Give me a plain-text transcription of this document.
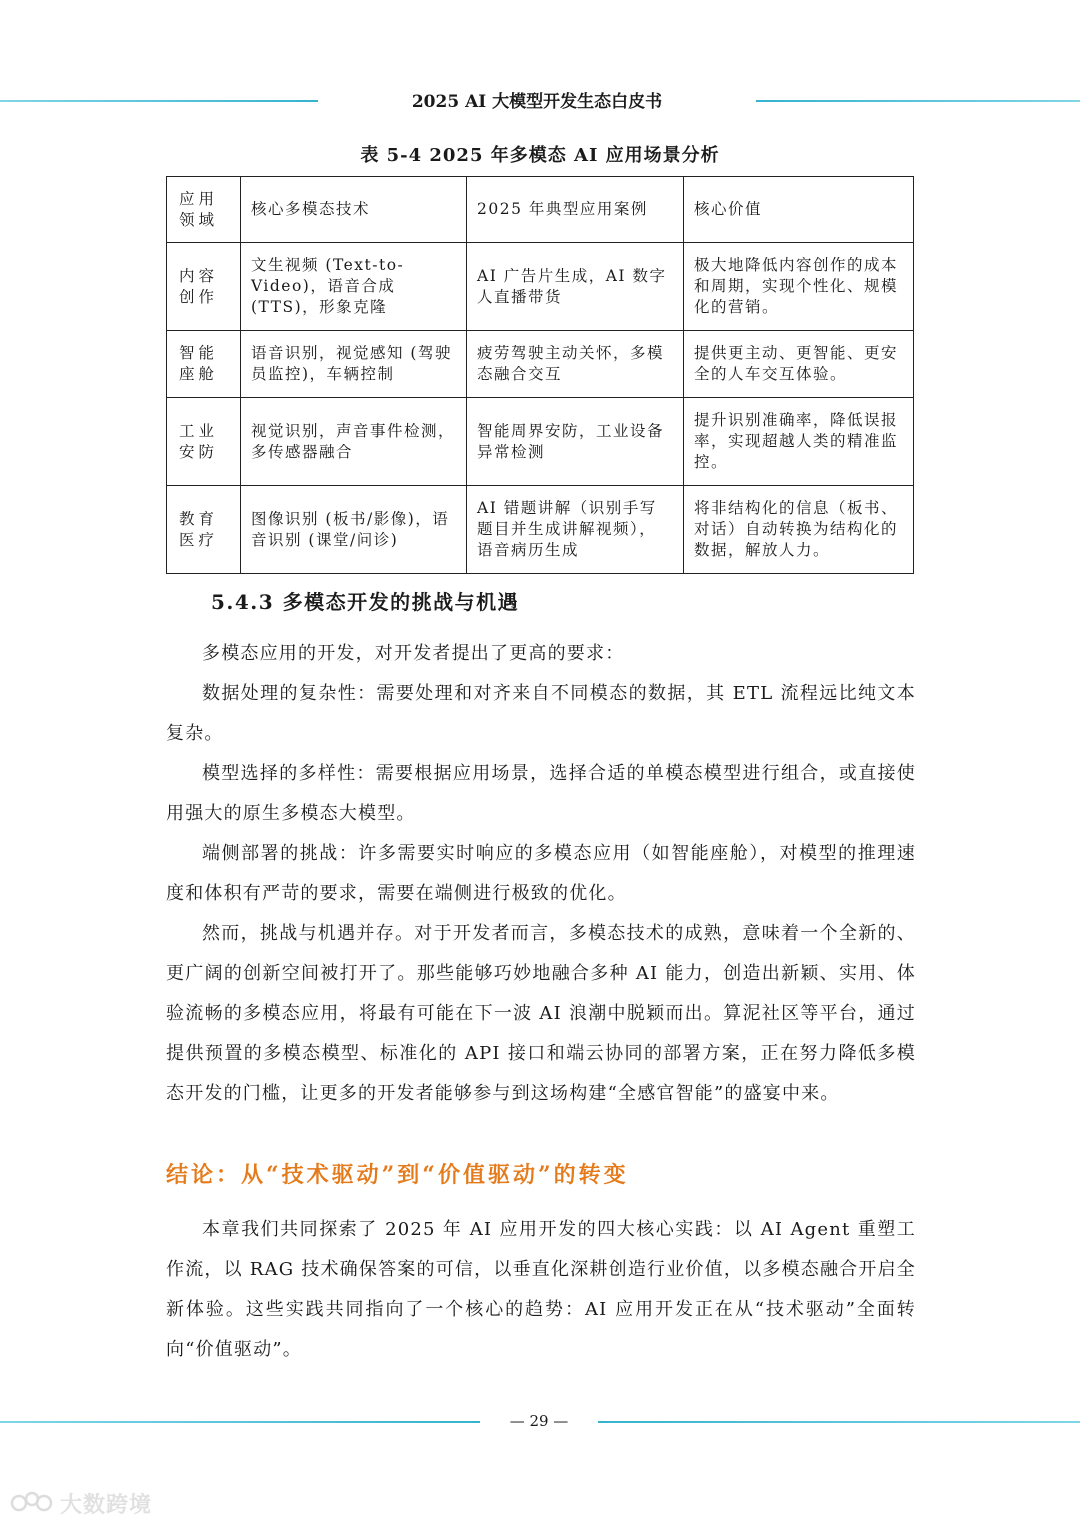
2025 AI 大模型开发生态白皮书
表 5-4 2025 年多模态 AI 应用场景分析
应用领域	核心多模态技术	2025 年典型应用案例	核心价值
内容创作	文生视频 (Text-to-Video)，语音合成 (TTS)，形象克隆	AI 广告片生成，AI 数字人直播带货	极大地降低内容创作的成本和周期，实现个性化、规模化的营销。
智能座舱	语音识别，视觉感知 (驾驶员监控)，车辆控制	疲劳驾驶主动关怀，多模态融合交互	提供更主动、更智能、更安全的人车交互体验。
工业安防	视觉识别，声音事件检测，多传感器融合	智能周界安防，工业设备异常检测	提升识别准确率，降低误报率，实现超越人类的精准监控。
教育医疗	图像识别 (板书/影像)，语音识别 (课堂/问诊)	AI 错题讲解（识别手写题目并生成讲解视频），语音病历生成	将非结构化的信息（板书、对话）自动转换为结构化的数据，解放人力。
5.4.3 多模态开发的挑战与机遇

多模态应用的开发，对开发者提出了更高的要求：

数据处理的复杂性：需要处理和对齐来自不同模态的数据，其 ETL 流程远比纯文本复杂。

模型选择的多样性：需要根据应用场景，选择合适的单模态模型进行组合，或直接使用强大的原生多模态大模型。

端侧部署的挑战：许多需要实时响应的多模态应用（如智能座舱），对模型的推理速度和体积有严苛的要求，需要在端侧进行极致的优化。

然而，挑战与机遇并存。对于开发者而言，多模态技术的成熟，意味着一个全新的、更广阔的创新空间被打开了。那些能够巧妙地融合多种 AI 能力，创造出新颖、实用、体验流畅的多模态应用，将最有可能在下一波 AI 浪潮中脱颖而出。算泥社区等平台，通过提供预置的多模态模型、标准化的 API 接口和端云协同的部署方案，正在努力降低多模态开发的门槛，让更多的开发者能够参与到这场构建“全感官智能”的盛宴中来。

结论：从“技术驱动”到“价值驱动”的转变

本章我们共同探索了 2025 年 AI 应用开发的四大核心实践：以 AI Agent 重塑工作流，以 RAG 技术确保答案的可信，以垂直化深耕创造行业价值，以多模态融合开启全新体验。这些实践共同指向了一个核心的趋势：AI 应用开发正在从“技术驱动”全面转向“价值驱动”。

— 29 —
大数跨境
